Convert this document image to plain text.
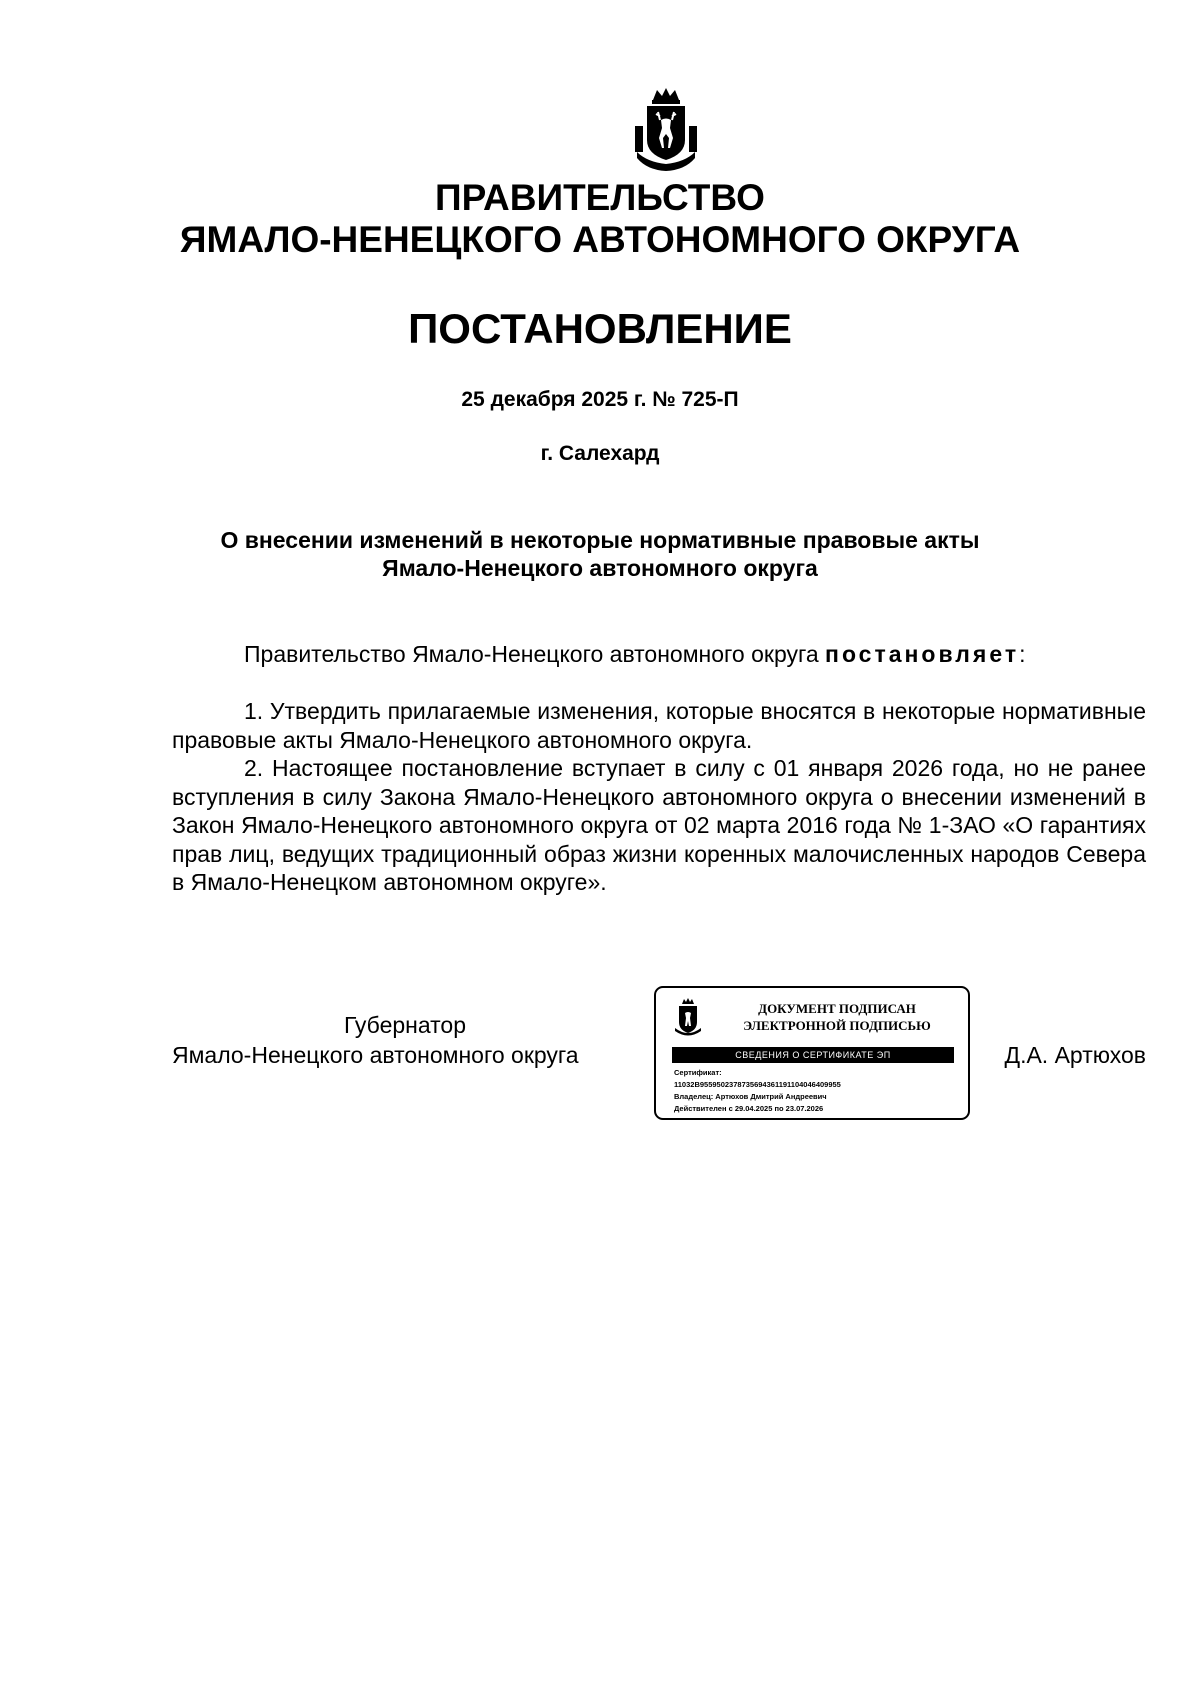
ПРАВИТЕЛЬСТВО
ЯМАЛО-НЕНЕЦКОГО АВТОНОМНОГО ОКРУГА
ПОСТАНОВЛЕНИЕ
25 декабря 2025 г. № 725-П
г. Салехард
О внесении изменений в некоторые нормативные правовые акты
Ямало-Ненецкого автономного округа
Правительство Ямало-Ненецкого автономного округа постановляет:
1. Утвердить прилагаемые изменения, которые вносятся в некоторые нормативные правовые акты Ямало-Ненецкого автономного округа.
2. Настоящее постановление вступает в силу с 01 января 2026 года, но не ранее вступления в силу Закона Ямало-Ненецкого автономного округа о внесении изменений в Закон Ямало-Ненецкого автономного округа от 02 марта 2016 года № 1-ЗАО «О гарантиях прав лиц, ведущих традиционный образ жизни коренных малочисленных народов Севера в Ямало-Ненецком автономном округе».
Губернатор
Ямало-Ненецкого автономного округа
ДОКУМЕНТ ПОДПИСАН
ЭЛЕКТРОННОЙ ПОДПИСЬЮ
СВЕДЕНИЯ О СЕРТИФИКАТЕ ЭП
Сертификат:
11032B9559502378735694361191104046409955
Владелец: Артюхов Дмитрий Андреевич
Действителен с 29.04.2025 по 23.07.2026
Д.А. Артюхов
